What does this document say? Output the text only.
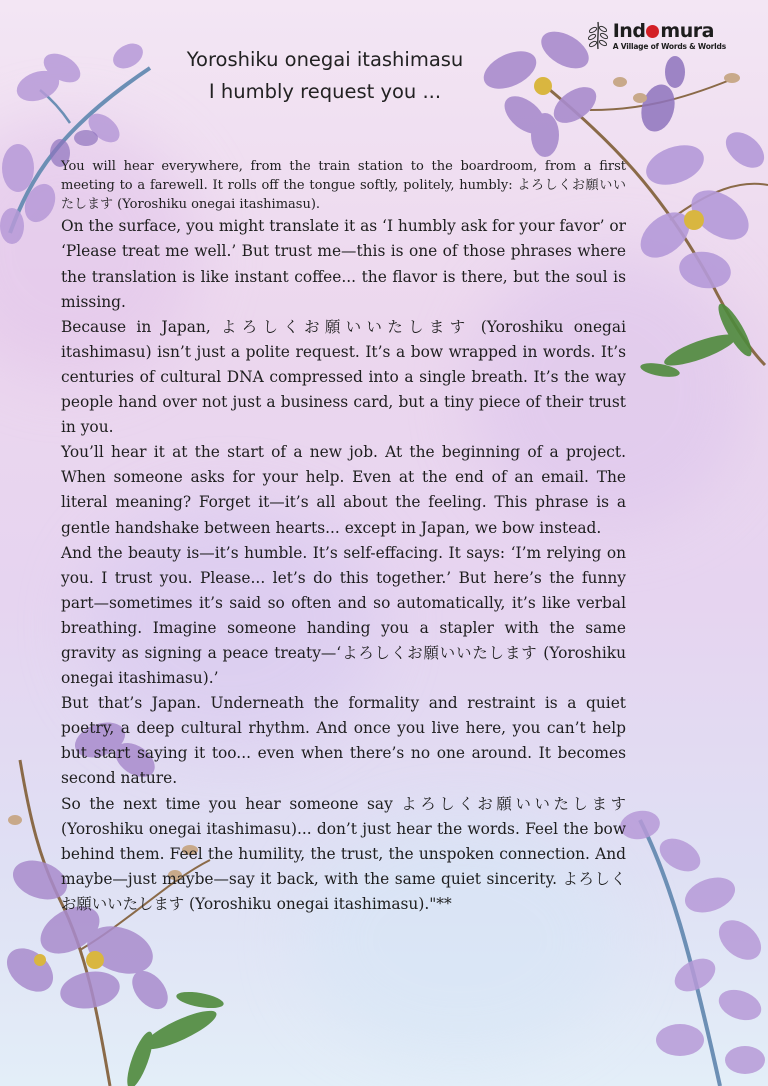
Ind mura
A Village of Words & Worlds
Yoroshiku onegai itashimasu
I humbly request you ...

You will hear everywhere, from the train station to the boardroom, from a first meeting to a farewell. It rolls off the tongue softly, politely, humbly: よろしくお願いいたします (Yoroshiku onegai itashimasu).

On the surface, you might translate it as ‘I humbly ask for your favor’ or ‘Please treat me well.’ But trust me—this is one of those phrases where the translation is like instant coffee... the flavor is there, but the soul is missing.

Because in Japan, よろしくお願いいたします (Yoroshiku onegai itashimasu) isn’t just a polite request. It’s a bow wrapped in words. It’s centuries of cultural DNA compressed into a single breath. It’s the way people hand over not just a business card, but a tiny piece of their trust in you.

You’ll hear it at the start of a new job. At the beginning of a project. When someone asks for your help. Even at the end of an email. The literal meaning? Forget it—it’s all about the feeling. This phrase is a gentle handshake between hearts... except in Japan, we bow instead.

And the beauty is—it’s humble. It’s self-effacing. It says: ‘I’m relying on you. I trust you. Please... let’s do this together.’ But here’s the funny part—sometimes it’s said so often and so automatically, it’s like verbal breathing. Imagine someone handing you a stapler with the same gravity as signing a peace treaty—‘よろしくお願いいたします (Yoroshiku onegai itashimasu).’

But that’s Japan. Underneath the formality and restraint is a quiet poetry, a deep cultural rhythm. And once you live here, you can’t help but start saying it too... even when there’s no one around. It becomes second nature.

So the next time you hear someone say よろしくお願いいたします (Yoroshiku onegai itashimasu)... don’t just hear the words. Feel the bow behind them. Feel the humility, the trust, the unspoken connection. And maybe—just maybe—say it back, with the same quiet sincerity. よろしくお願いいたします (Yoroshiku onegai itashimasu)."**
